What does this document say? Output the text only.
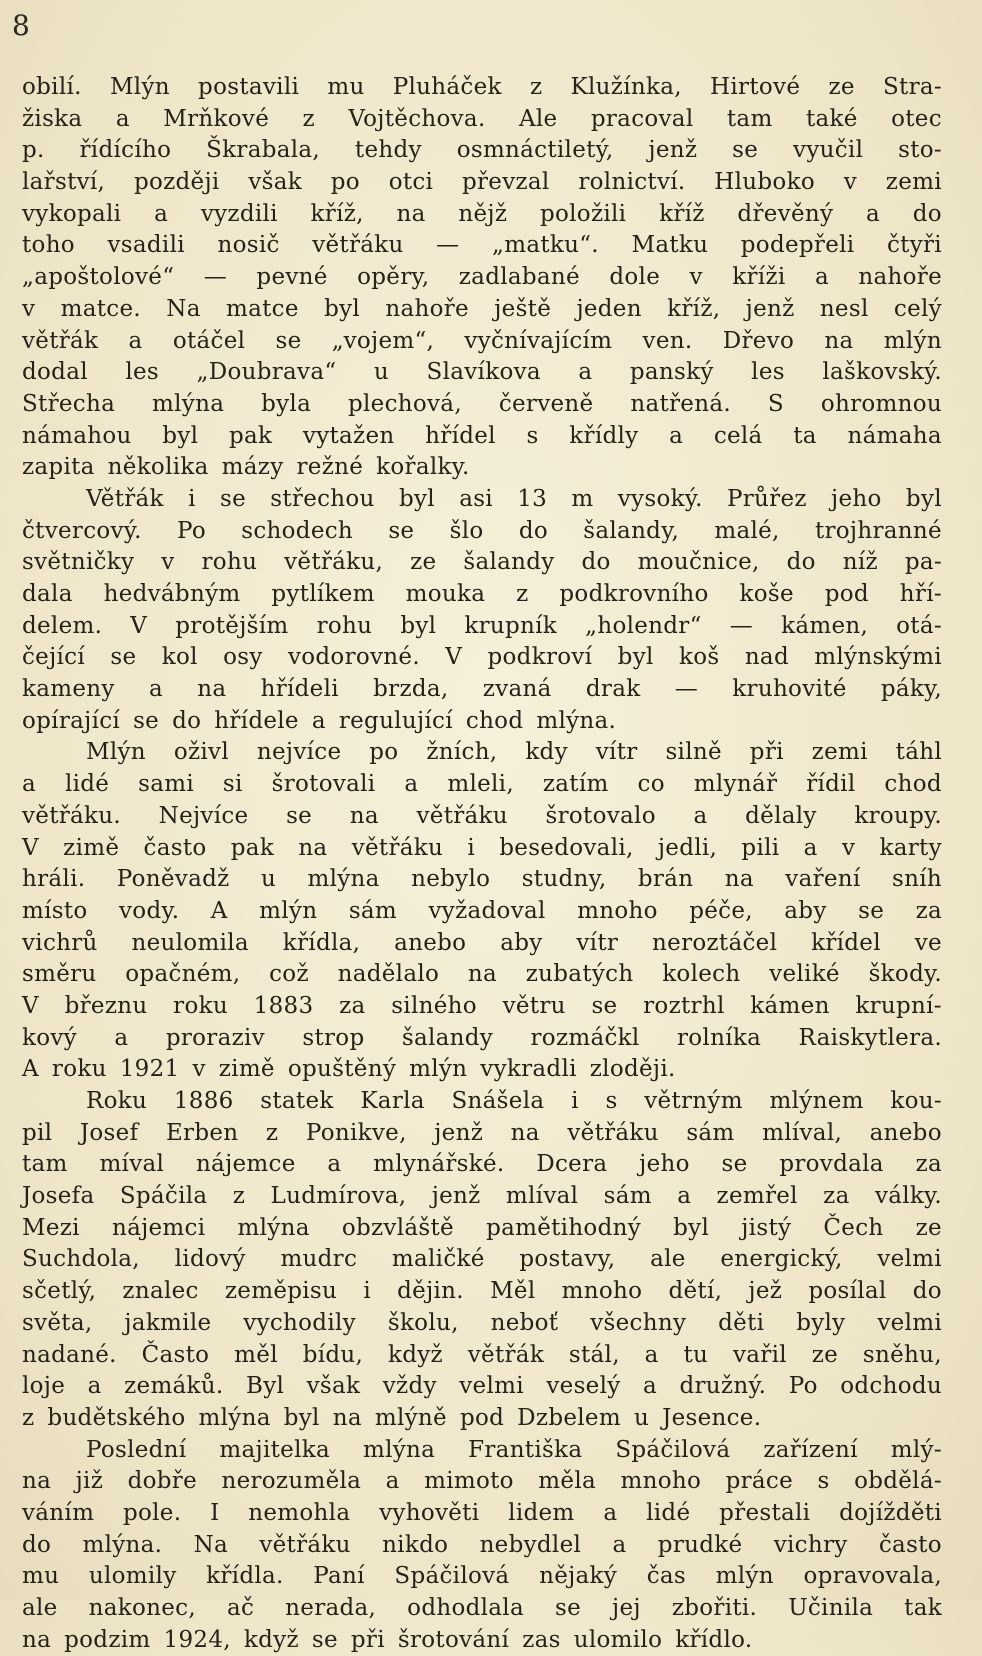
8
obilí. Mlýn postavili mu Pluháček z Klužínka, Hirtové ze Stra-
žiska a Mrňkové z Vojtěchova. Ale pracoval tam také otec
p. řídícího Škrabala, tehdy osmnáctiletý, jenž se vyučil sto-
lařství, později však po otci převzal rolnictví. Hluboko v zemi
vykopali a vyzdili kříž, na nějž položili kříž dřevěný a do
toho vsadili nosič větřáku — „matku“. Matku podepřeli čtyři
„apoštolové“ — pevné opěry, zadlabané dole v kříži a nahoře
v matce. Na matce byl nahoře ještě jeden kříž, jenž nesl celý
větřák a otáčel se „vojem“, vyčnívajícím ven. Dřevo na mlýn
dodal les „Doubrava“ u Slavíkova a panský les laškovský.
Střecha mlýna byla plechová, červeně natřená. S ohromnou
námahou byl pak vytažen hřídel s křídly a celá ta námaha
zapita několika mázy režné kořalky.
Větřák i se střechou byl asi 13 m vysoký. Průřez jeho byl
čtvercový. Po schodech se šlo do šalandy, malé, trojhranné
světničky v rohu větřáku, ze šalandy do moučnice, do níž pa-
dala hedvábným pytlíkem mouka z podkrovního koše pod hří-
delem. V protějším rohu byl krupník „holendr“ — kámen, otá-
čející se kol osy vodorovné. V podkroví byl koš nad mlýnskými
kameny a na hřídeli brzda, zvaná drak — kruhovité páky,
opírající se do hřídele a regulující chod mlýna.
Mlýn oživl nejvíce po žních, kdy vítr silně při zemi táhl
a lidé sami si šrotovali a mleli, zatím co mlynář řídil chod
větřáku. Nejvíce se na větřáku šrotovalo a dělaly kroupy.
V zimě často pak na větřáku i besedovali, jedli, pili a v karty
hráli. Poněvadž u mlýna nebylo studny, brán na vaření sníh
místo vody. A mlýn sám vyžadoval mnoho péče, aby se za
vichrů neulomila křídla, anebo aby vítr neroztáčel křídel ve
směru opačném, což nadělalo na zubatých kolech veliké škody.
V březnu roku 1883 za silného větru se roztrhl kámen krupní-
kový a proraziv strop šalandy rozmáčkl rolníka Raiskytlera.
A roku 1921 v zimě opuštěný mlýn vykradli zloději.
Roku 1886 statek Karla Snášela i s větrným mlýnem kou-
pil Josef Erben z Ponikve, jenž na větřáku sám mlíval, anebo
tam míval nájemce a mlynářské. Dcera jeho se provdala za
Josefa Spáčila z Ludmírova, jenž mlíval sám a zemřel za války.
Mezi nájemci mlýna obzvláště pamětihodný byl jistý Čech ze
Suchdola, lidový mudrc maličké postavy, ale energický, velmi
sčetlý, znalec zeměpisu i dějin. Měl mnoho dětí, jež posílal do
světa, jakmile vychodily školu, neboť všechny děti byly velmi
nadané. Často měl bídu, když větřák stál, a tu vařil ze sněhu,
loje a zemáků. Byl však vždy velmi veselý a družný. Po odchodu
z budětského mlýna byl na mlýně pod Dzbelem u Jesence.
Poslední majitelka mlýna Františka Spáčilová zařízení mlý-
na již dobře nerozuměla a mimoto měla mnoho práce s obdělá-
váním pole. I nemohla vyhověti lidem a lidé přestali dojížděti
do mlýna. Na větřáku nikdo nebydlel a prudké vichry často
mu ulomily křídla. Paní Spáčilová nějaký čas mlýn opravovala,
ale nakonec, ač nerada, odhodlala se jej zbořiti. Učinila tak
na podzim 1924, když se při šrotování zas ulomilo křídlo.
